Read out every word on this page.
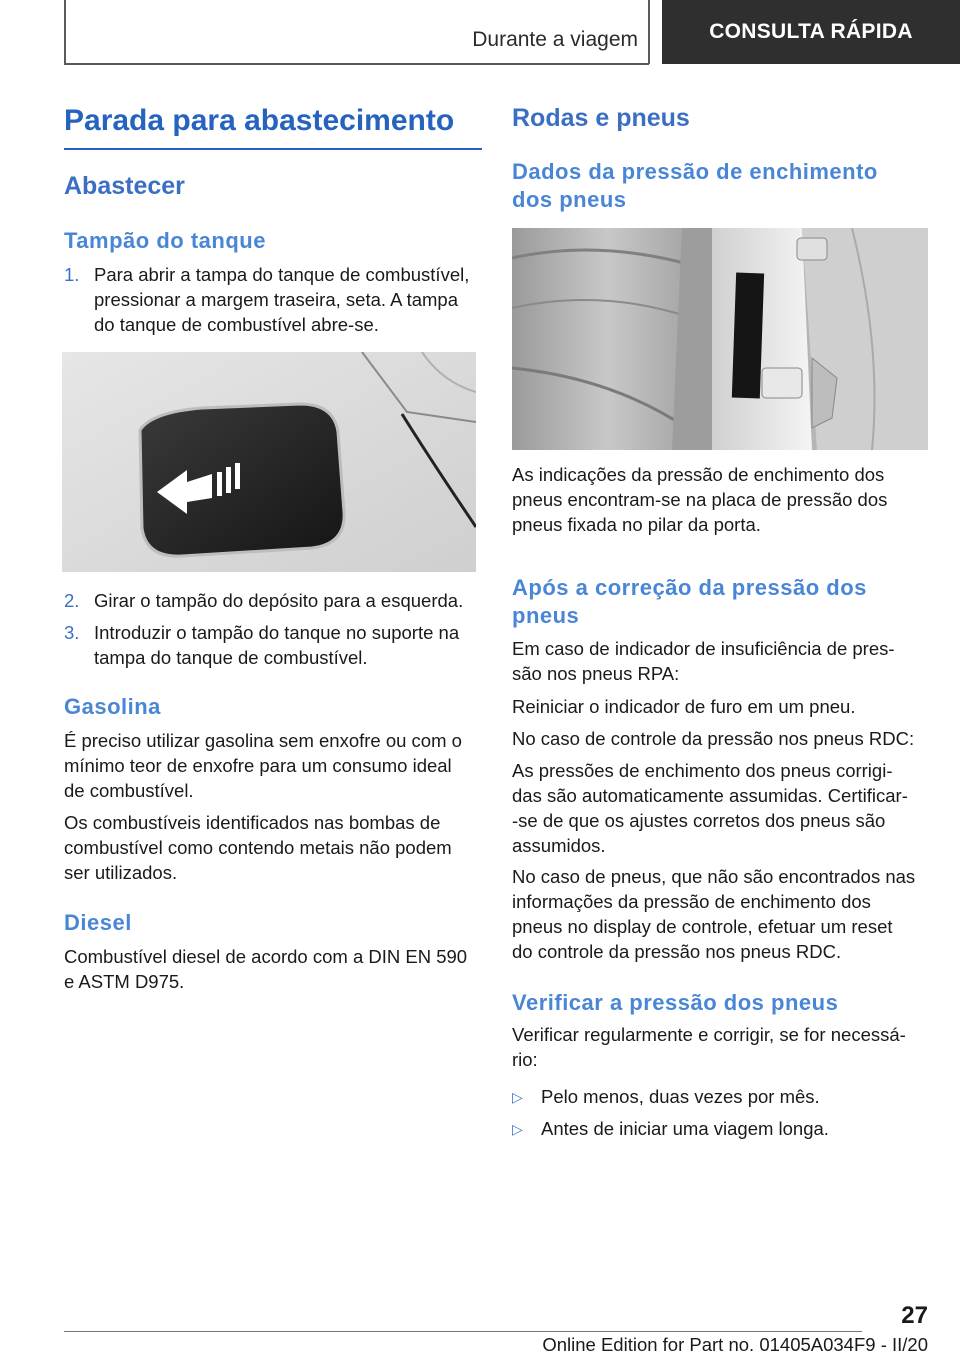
Durante a viagem	CONSULTA RÁPIDA
Parada para abastecimento
Abastecer
Tampão do tanque
1. Para abrir a tampa do tanque de combustível,
pressionar a margem traseira, seta. A tampa
do tanque de combustível abre-se.
2. Girar o tampão do depósito para a esquerda.
3. Introduzir o tampão do tanque no suporte na
tampa do tanque de combustível.
Gasolina
É preciso utilizar gasolina sem enxofre ou com o
mínimo teor de enxofre para um consumo ideal
de combustível.
Os combustíveis identificados nas bombas de
combustível como contendo metais não podem
ser utilizados.
Diesel
Combustível diesel de acordo com a DIN EN 590
e ASTM D975.
Rodas e pneus
Dados da pressão de enchimento
dos pneus
As indicações da pressão de enchimento dos
pneus encontram-se na placa de pressão dos
pneus fixada no pilar da porta.
Após a correção da pressão dos
pneus
Em caso de indicador de insuficiência de pres-
são nos pneus RPA:
Reiniciar o indicador de furo em um pneu.
No caso de controle da pressão nos pneus RDC:
As pressões de enchimento dos pneus corrigi-
das são automaticamente assumidas. Certificar-
-se de que os ajustes corretos dos pneus são
assumidos.
No caso de pneus, que não são encontrados nas
informações da pressão de enchimento dos
pneus no display de controle, efetuar um reset
do controle da pressão nos pneus RDC.
Verificar a pressão dos pneus
Verificar regularmente e corrigir, se for necessá-
rio:
▷ Pelo menos, duas vezes por mês.
▷ Antes de iniciar uma viagem longa.
27
Online Edition for Part no. 01405A034F9 - II/20
